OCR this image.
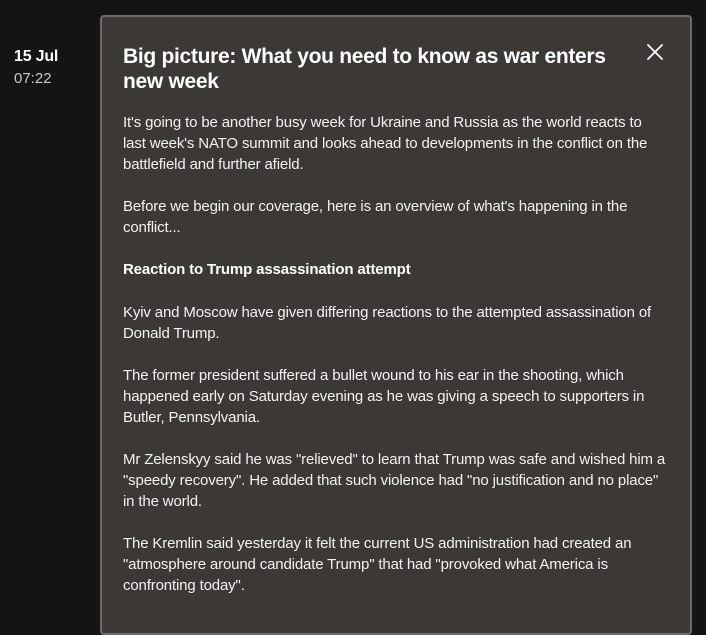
15 Jul
07:22
Big picture: What you need to know as war enters new week

It's going to be another busy week for Ukraine and Russia as the world reacts to last week's NATO summit and looks ahead to developments in the conflict on the battlefield and further afield.

Before we begin our coverage, here is an overview of what's happening in the conflict...

Reaction to Trump assassination attempt

Kyiv and Moscow have given differing reactions to the attempted assassination of Donald Trump.

The former president suffered a bullet wound to his ear in the shooting, which happened early on Saturday evening as he was giving a speech to supporters in Butler, Pennsylvania.

Mr Zelenskyy said he was "relieved" to learn that Trump was safe and wished him a "speedy recovery". He added that such violence had "no justification and no place" in the world.

The Kremlin said yesterday it felt the current US administration had created an "atmosphere around candidate Trump" that had "provoked what America is confronting today".
